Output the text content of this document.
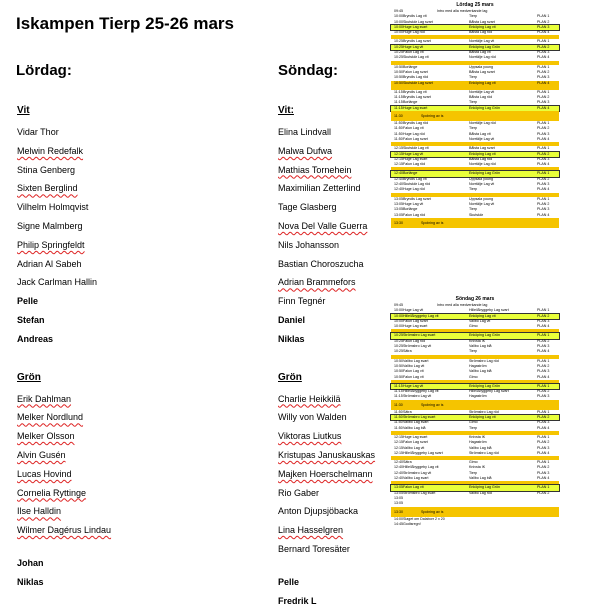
Iskampen Tierp 25-26 mars
Lördag:	Söndag:
Vit
Vidar Thor
Melwin Redefalk
Stina Genberg
Sixten Berglind
Vilhelm Holmqvist
Signe Malmberg
Philip Springfeldt
Adrian Al Sabeh
Jack Carlman Hallin
Pelle
Stefan
Andreas
Grön
Erik Dahlman
Melker Nordlund
Melker Olsson
Alvin Gusén
Lucas Hovind
Cornelia Ryttinge
Ilse Halldin
Wilmer Dagérus Lindau
Johan
Niklas
Vit:
Elina Lindvall
Malwa Dufwa
Mathias Tornehein
Maximilian Zetterlind
Tage Glasberg
Nova Del Valle Guerra
Nils Johansson
Bastian Choroszucha
Adrian Brammefors
Finn Tegnér
Daniel
Niklas
Grön
Charlie Heikkilä
Willy von Walden
Viktoras Liutkus
Kristupas Januskauskas
Majken Hoerschelmann
Rio Gaber
Anton Djupsjöbacka
Lina Hasselgren
Bernard Toresäter
Pelle
Fredrik L
Lördag 25 mars
09:45	Intro med alla medverkande lag
10:00 Bryndis Lag vit	Tierp	PLAN 1
10:00 Skutskär Lag svart	Bålsta Lag svart	PLAN 2
10:00 Huge Lag svart	Enköping Lag vit	PLAN 3
10:00 Huge Lag röd	Bålsta Lag röd	PLAN 4
10:25 Bryndis Lag svart	Norrtälje Lag vit	PLAN 1
10:25 Huge Lag vit	Enköping Lag Grön	PLAN 2
10:25 Falun Lag vit	Bålsta Lag vit	PLAN 3
10:25 Skutskär Lag vit	Norrtälje Lag röd	PLAN 4
10:50 Borlänge	Uppsala young	PLAN 1
10:50 Falun Lag svart	Bålsta Lag svart	PLAN 2
10:50 Bryndis Lag röd	Tierp	PLAN 3
10:50 Skutskär Lag svart	Enköping Lag vit	PLAN 4
11:15 Bryndis Lag vit	Norrtälje Lag vit	PLAN 1
11:15 Bryndis Lag svart	Bålsta Lag röd	PLAN 2
11:15 Borlänge	Tierp	PLAN 3
11:15 Huge Lag svart	Enköping Lag Grön	PLAN 4
11:30	Spolning av is
11:50 Bryndis Lag röd	Norrtälje Lag röd	PLAN 1
11:50 Falun Lag vit	Tierp	PLAN 2
11:50 Huge Lag röd	Bålsta Lag vit	PLAN 3
11:50 Falun Lag svart	Norrtälje Lag vit	PLAN 4
12:15 Skutskär Lag vit	Bålsta Lag svart	PLAN 1
12:15 Huge Lag vit	Enköping Lag vit	PLAN 2
12:15 Huge Lag svart	Bålsta Lag röd	PLAN 3
12:15 Falun Lag röd	Norrtälje Lag röd	PLAN 4
12:40 Borlänge	Enköping Lag Grön	PLAN 1
12:40 Bryndis Lag vit	Uppsala young	PLAN 2
12:40 Skutskär Lag röd	Norrtälje Lag vit	PLAN 3
12:40 Huge Lag röd	Tierp	PLAN 4
13:05 Bryndis Lag svart	Uppsala young	PLAN 1
13:05 Huge Lag vit	Norrtälje Lag vit	PLAN 2
13:05 Borlänge	Tierp	PLAN 3
13:05 Falun Lag röd	Skutskär	PLAN 4
13:30	Spolning av is
Söndag 26 mars
09:45	Intro med alla medverkande lag
10:00 Huge Lag vit	Hille/Åbyggeby Lag svart	PLAN 1
10:00 Hille/Åbyggeby Lag vit	Enköping Lag vit	PLAN 2
10:00 Falun Lag svart	Vallbo Lag vit	PLAN 3
10:00 Huge Lag svart	Gimo	PLAN 4
10:25 Strömsbro Lag svart	Enköping Lag Grön	PLAN 1
10:25 Falun Lag röd	Knivsta IK	PLAN 2
10:25 Strömsbro Lag vit	Vallbo Lag blå	PLAN 3
10:25 Sätra	Tierp	PLAN 4
10:50 Vallbo Lag svart	Strömsbro Lag röd	PLAN 1
10:50 Vallbo Lag vit	Hagaström	PLAN 2
10:50 Falun Lag vit	Vallbo Lag blå	PLAN 3
10:50 Falun Lag vit	Gimo	PLAN 4
11:15 Huge Lag vit	Enköping Lag Grön	PLAN 1
11:15 Hille/Åbyggeby Lag vit	Hille/Åbyggeby Lag svart	PLAN 2
11:15 Strömsbro Lag vit	Hagaström	PLAN 3
11:30	Spolning av is
11:50 Sätra	Strömsbro Lag röd	PLAN 1
11:50 Strömsbro Lag svart	Enköping Lag vit	PLAN 2
11:50 Vallbo Lag svart	Gimo	PLAN 3
11:50 Vallbo Lag blå	Tierp	PLAN 4
12:15 Huge Lag svart	Knivsta IK	PLAN 1
12:15 Falun Lag svart	Hagaström	PLAN 2
12:15 Vallbo Lag vit	Vallbo Lag blå	PLAN 3
12:15 Hille/Åbyggeby Lag svart	Strömsbro Lag röd	PLAN 4
12:40 Sätra	Gimo	PLAN 1
12:40 Hille/Åbyggeby Lag vit	Knivsta IK	PLAN 2
12:40 Strömsbro Lag vit	Tierp	PLAN 3
12:40 Vallbo Lag svart	Vallbo Lag blå	PLAN 4
13:05 Falun Lag vit	Enköping Lag Grön	PLAN 1
13:05 Strömsbro Lag svart	Vallbo Lag röd	PLAN 2
13:05
13:05
13:30	Spolning av is
14:00 Slaget om Dalaborr 2 x 20
14:45 Godisregn!
